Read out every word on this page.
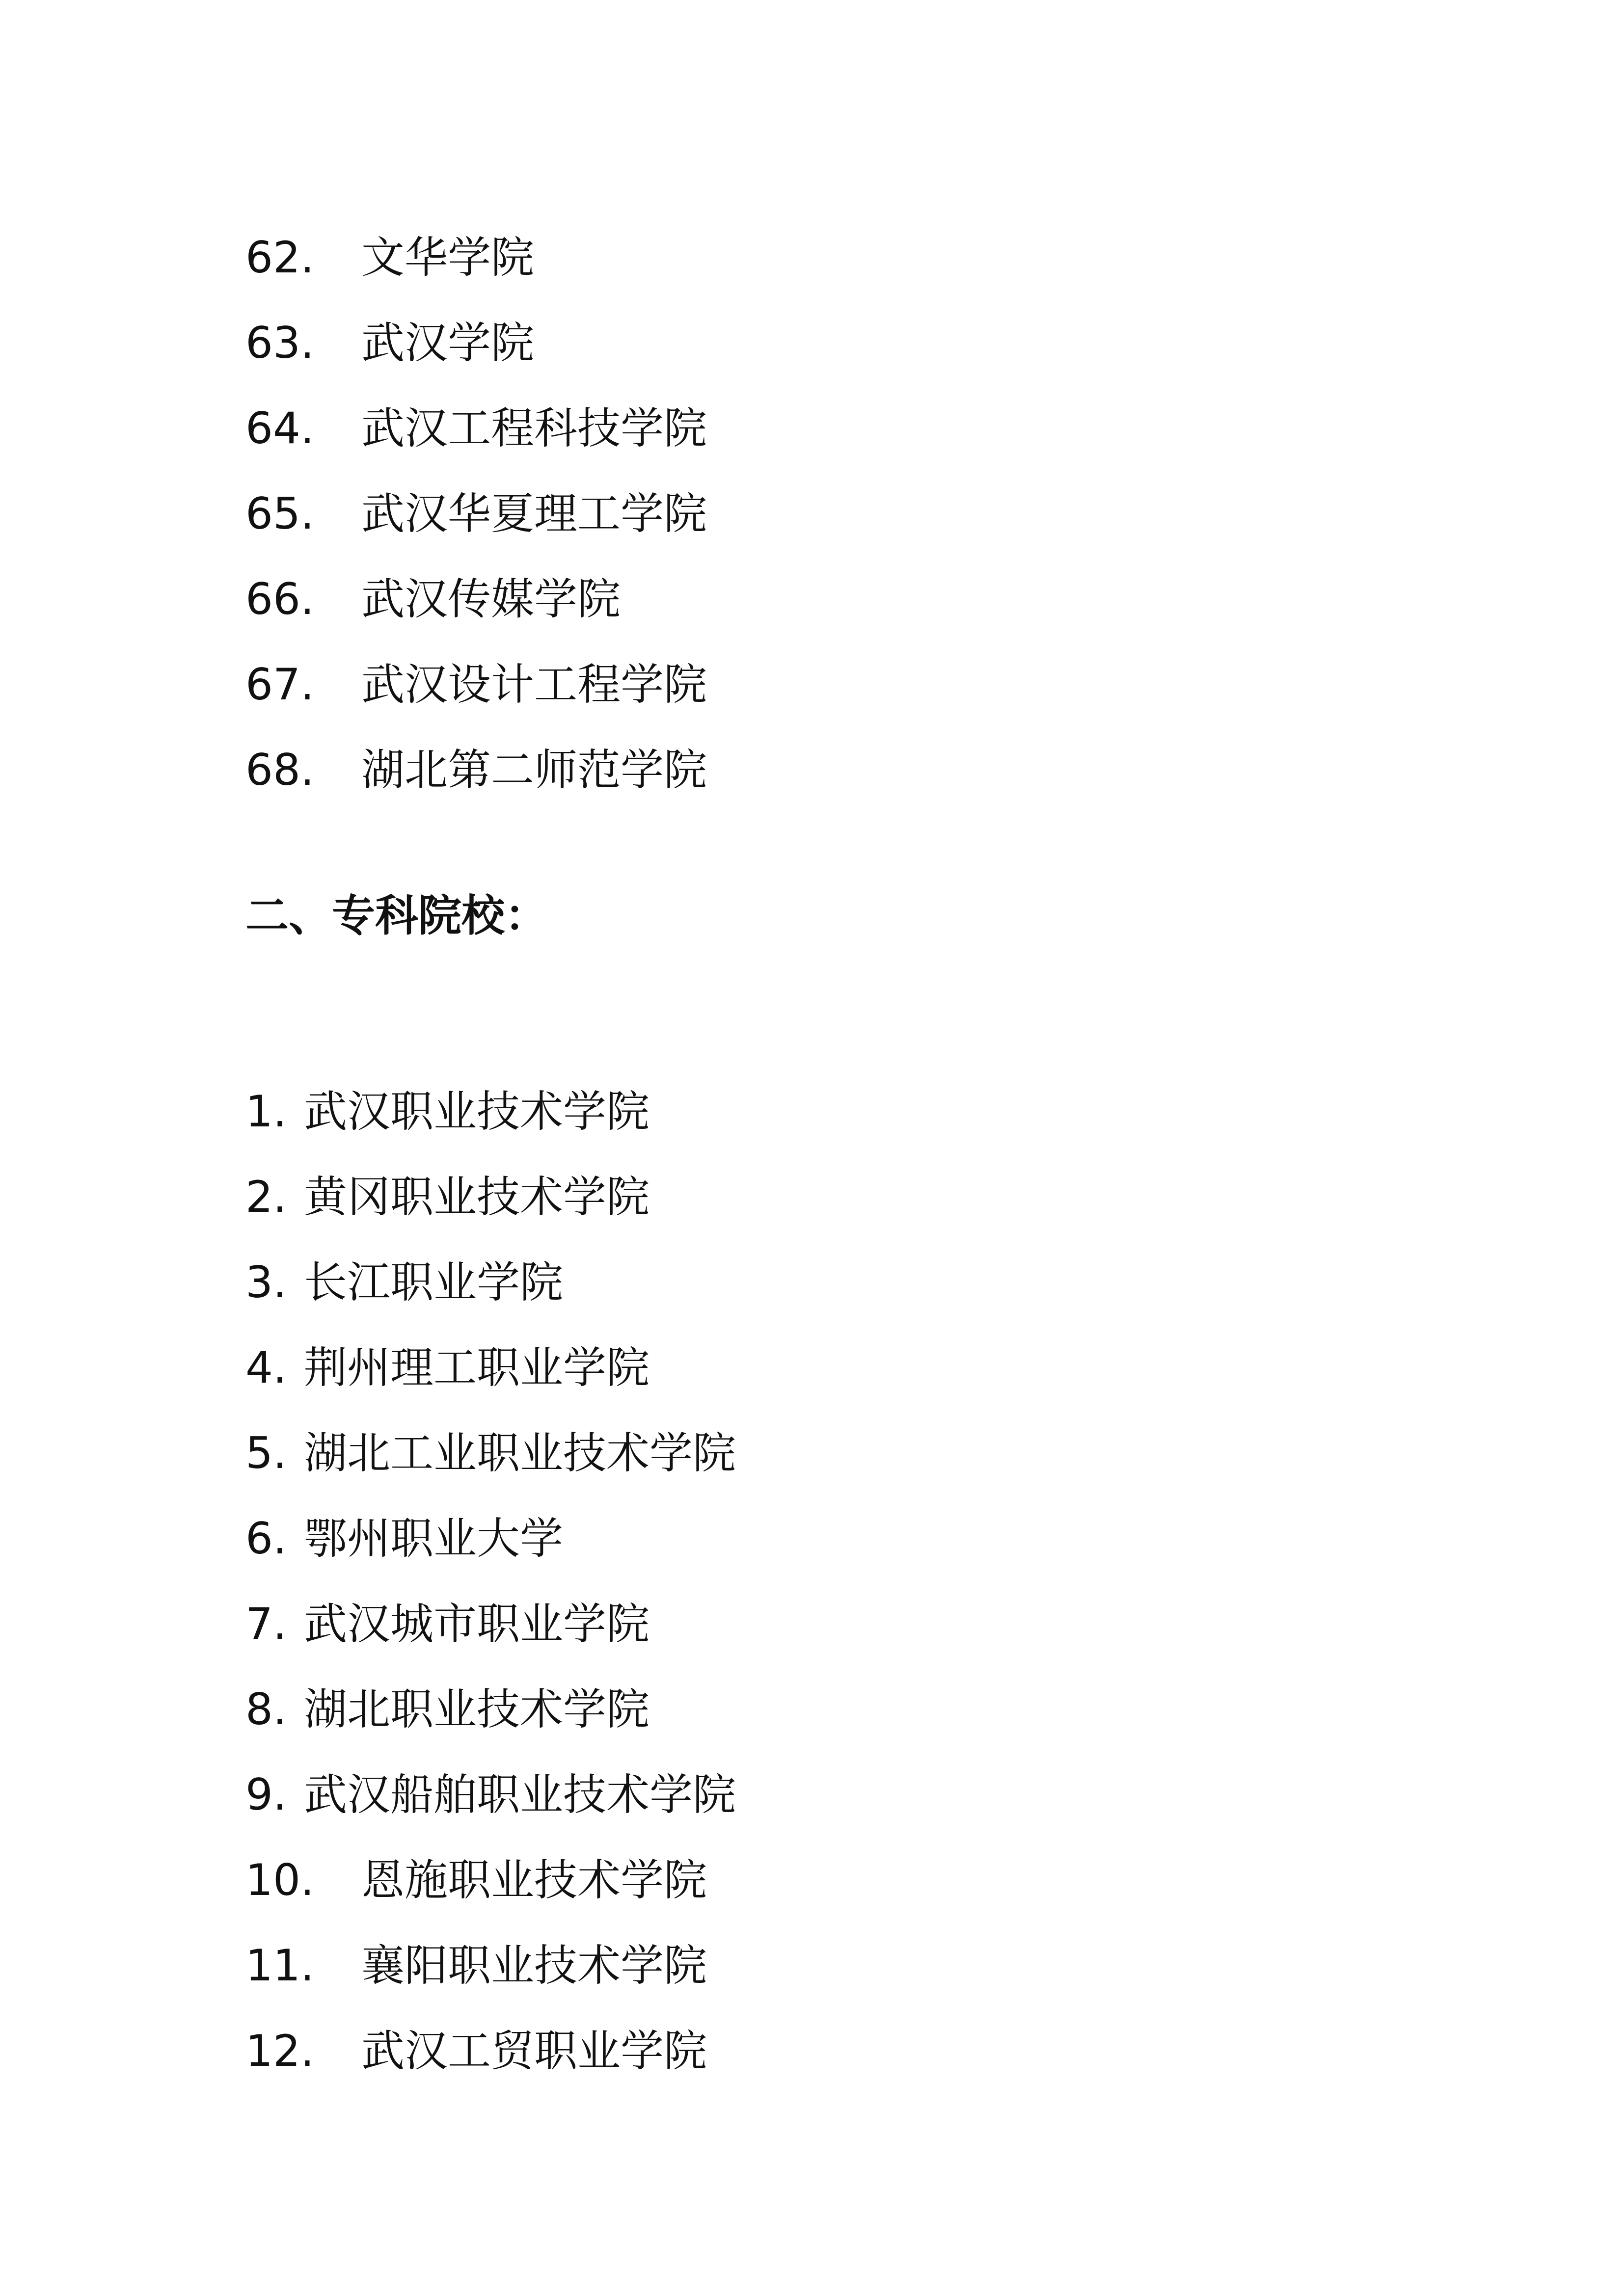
62.	文华学院
63.	武汉学院
64.	武汉工程科技学院
65.	武汉华夏理工学院
66.	武汉传媒学院
67.	武汉设计工程学院
68.	湖北第二师范学院
二、专科院校：
1. 武汉职业技术学院
2. 黄冈职业技术学院
3. 长江职业学院
4. 荆州理工职业学院
5. 湖北工业职业技术学院
6. 鄂州职业大学
7. 武汉城市职业学院
8. 湖北职业技术学院
9. 武汉船舶职业技术学院
10.	恩施职业技术学院
11.	襄阳职业技术学院
12.	武汉工贸职业学院
